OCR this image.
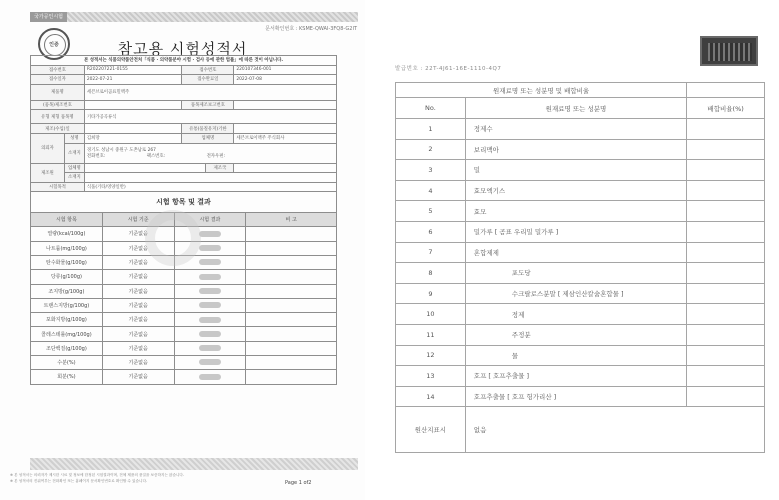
국가공인시험
문서확인번호 : KSME-QWAI-3FQ8-G2IT
인증	참고용 시험성적서
본 성적서는 식품의약품안전처「식품 · 의약품분야 시험 · 검사 등에 관한 법률」에 따른 것이 아닙니다.					
접수번호		R202207221-0155	접수번호		220107346-001
접수일자		2022-07-21	접수완료일		2022-07-08
제품명		세븐브로이곰표밀맥주			
(품목)제조번호			품목제조보고번호		
유형 제형 품목명		기타가공곡류식			
제조(수입)일			유통(품질유지)기한		
의뢰자	성명	김희망	업체명		세븐브로이맥주 주식회사
	소재지	경기도 성남시 중원구 도촌남로 267
전화번호: 팩스번호: 전자우편:			

제조원	업체명			제조국	
	소재지				
시험목적		식품(기타/영양일반)			
시험 항목 및 결과
시험 항목	시험 기준	시험 결과	비 고
열량(kcal/100g)	기준없음		
나트륨(mg/100g)	기준없음		
탄수화물(g/100g)	기준없음		
당류(g/100g)	기준없음		
조지방(g/100g)	기준없음		
트랜스지방(g/100g)	기준없음		
포화지방(g/100g)	기준없음		
콜레스테롤(mg/100g)	기준없음		
조단백질(g/100g)	기준없음		
수분(%)	기준없음		
회분(%)	기준없음		
※ 본 성적서는 의뢰자가 제시한 시료 및 정보에 한정된 시험결과이며, 전체 제품의 품질을 보증하지는 않습니다.
※ 본 성적서의 진위여부는 전화확인 또는 홈페이지 문서확인번호로 확인할 수 있습니다.	Page 1 of2
발급번호 : 22T-4J61-16E-1110-4Q7
원재료명 또는 성분명 및 배합비율		
No.	원재료명 또는 성분명	배합비율(%)
1	정제수	
2	보리맥아	
3	밀	
4	효모엑기스	
5	효모	
6	밀가루 [ 곰표 우리밀 밀가루 ]	
7	혼합제제	
8	포도당	
9	수크랄로스분말 [ 제삼인산칼슘혼합물 ]	
10	정제	
11	주정분	
12	물	
13	호프 [ 호프추출물 ]	
14	호프추출물 [ 호프 헝가리산 ]	
원산지표시	없음	
